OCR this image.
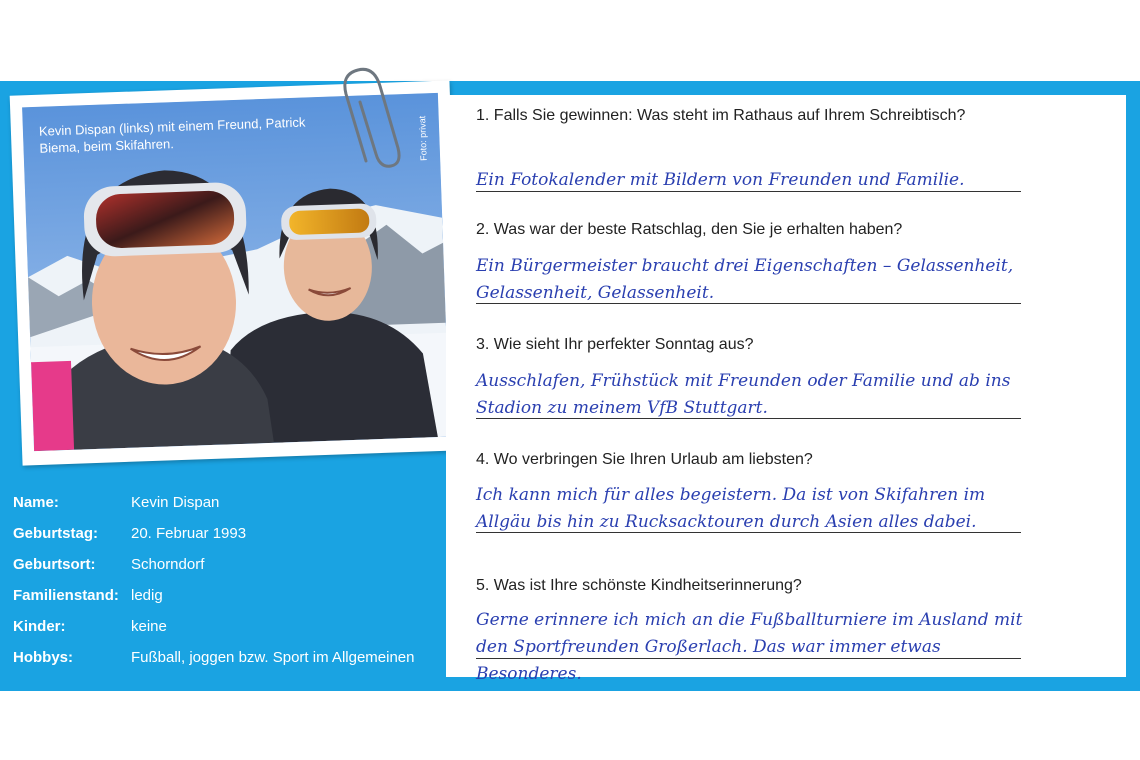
Kevin Dispan (links) mit einem Freund, Patrick Biema, beim Skifahren.	Foto: privat
Name:	Kevin Dispan
Geburtstag:	20. Februar 1993
Geburtsort:	Schorndorf
Familienstand: ledig
Kinder:	keine
Hobbys:	Fußball, joggen bzw. Sport im Allgemeinen
1. Falls Sie gewinnen: Was steht im Rathaus auf Ihrem Schreibtisch?
Ein Fotokalender mit Bildern von Freunden und Familie.
2. Was war der beste Ratschlag, den Sie je erhalten haben?
Ein Bürgermeister braucht drei Eigenschaften – Gelassenheit, Gelassenheit, Gelassenheit.
3. Wie sieht Ihr perfekter Sonntag aus?
Ausschlafen, Frühstück mit Freunden oder Familie und ab ins Stadion zu meinem VfB Stuttgart.
4. Wo verbringen Sie Ihren Urlaub am liebsten?
Ich kann mich für alles begeistern. Da ist von Skifahren im Allgäu bis hin zu Rucksacktouren durch Asien alles dabei.
5. Was ist Ihre schönste Kindheitserinnerung?
Gerne erinnere ich mich an die Fußballturniere im Ausland mit den Sportfreunden Großerlach. Das war immer etwas Besonderes.
